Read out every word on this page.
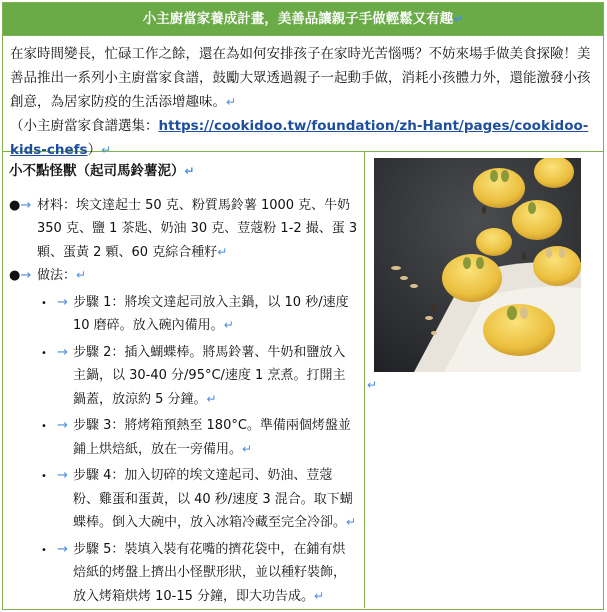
小主廚當家養成計畫，美善品讓親子手做輕鬆又有趣↵
在家時間變長，忙碌工作之餘，還在為如何安排孩子在家時光苦惱嗎？不妨來場手做美食探險！美善品推出一系列小主廚當家食譜，鼓勵大眾透過親子一起動手做，消耗小孩體力外，還能激發小孩創意，為居家防疫的生活添增趣味。↵
（小主廚當家食譜選集：https://cookidoo.tw/foundation/zh-Hant/pages/cookidoo-kids-chefs）↵
小不點怪獸（起司馬鈴薯泥）↵
●→ 材料：埃文達起士 50 克、粉質馬鈴薯 1000 克、牛奶 350 克、鹽 1 茶匙、奶油 30 克、荳蔻粉 1-2 撮、蛋 3 顆、蛋黃 2 顆、60 克綜合種籽↵
●→ 做法：↵
• → 步驟 1：將埃文達起司放入主鍋，以 10 秒/速度 10 磨碎。放入碗內備用。↵
• → 步驟 2：插入蝴蝶棒。將馬鈴薯、牛奶和鹽放入主鍋，以 30-40 分/95°C/速度 1 烹煮。打開主鍋蓋，放涼約 5 分鐘。↵
• → 步驟 3：將烤箱預熱至 180°C。準備兩個烤盤並鋪上烘焙紙，放在一旁備用。↵
• → 步驟 4：加入切碎的埃文達起司、奶油、荳蔻粉、雞蛋和蛋黃，以 40 秒/速度 3 混合。取下蝴蝶棒。倒入大碗中，放入冰箱冷藏至完全冷卻。↵
• → 步驟 5：裝填入裝有花嘴的擠花袋中，在鋪有烘焙紙的烤盤上擠出小怪獸形狀，並以種籽裝飾，放入烤箱烘烤 10-15 分鐘，即大功告成。↵
↵
